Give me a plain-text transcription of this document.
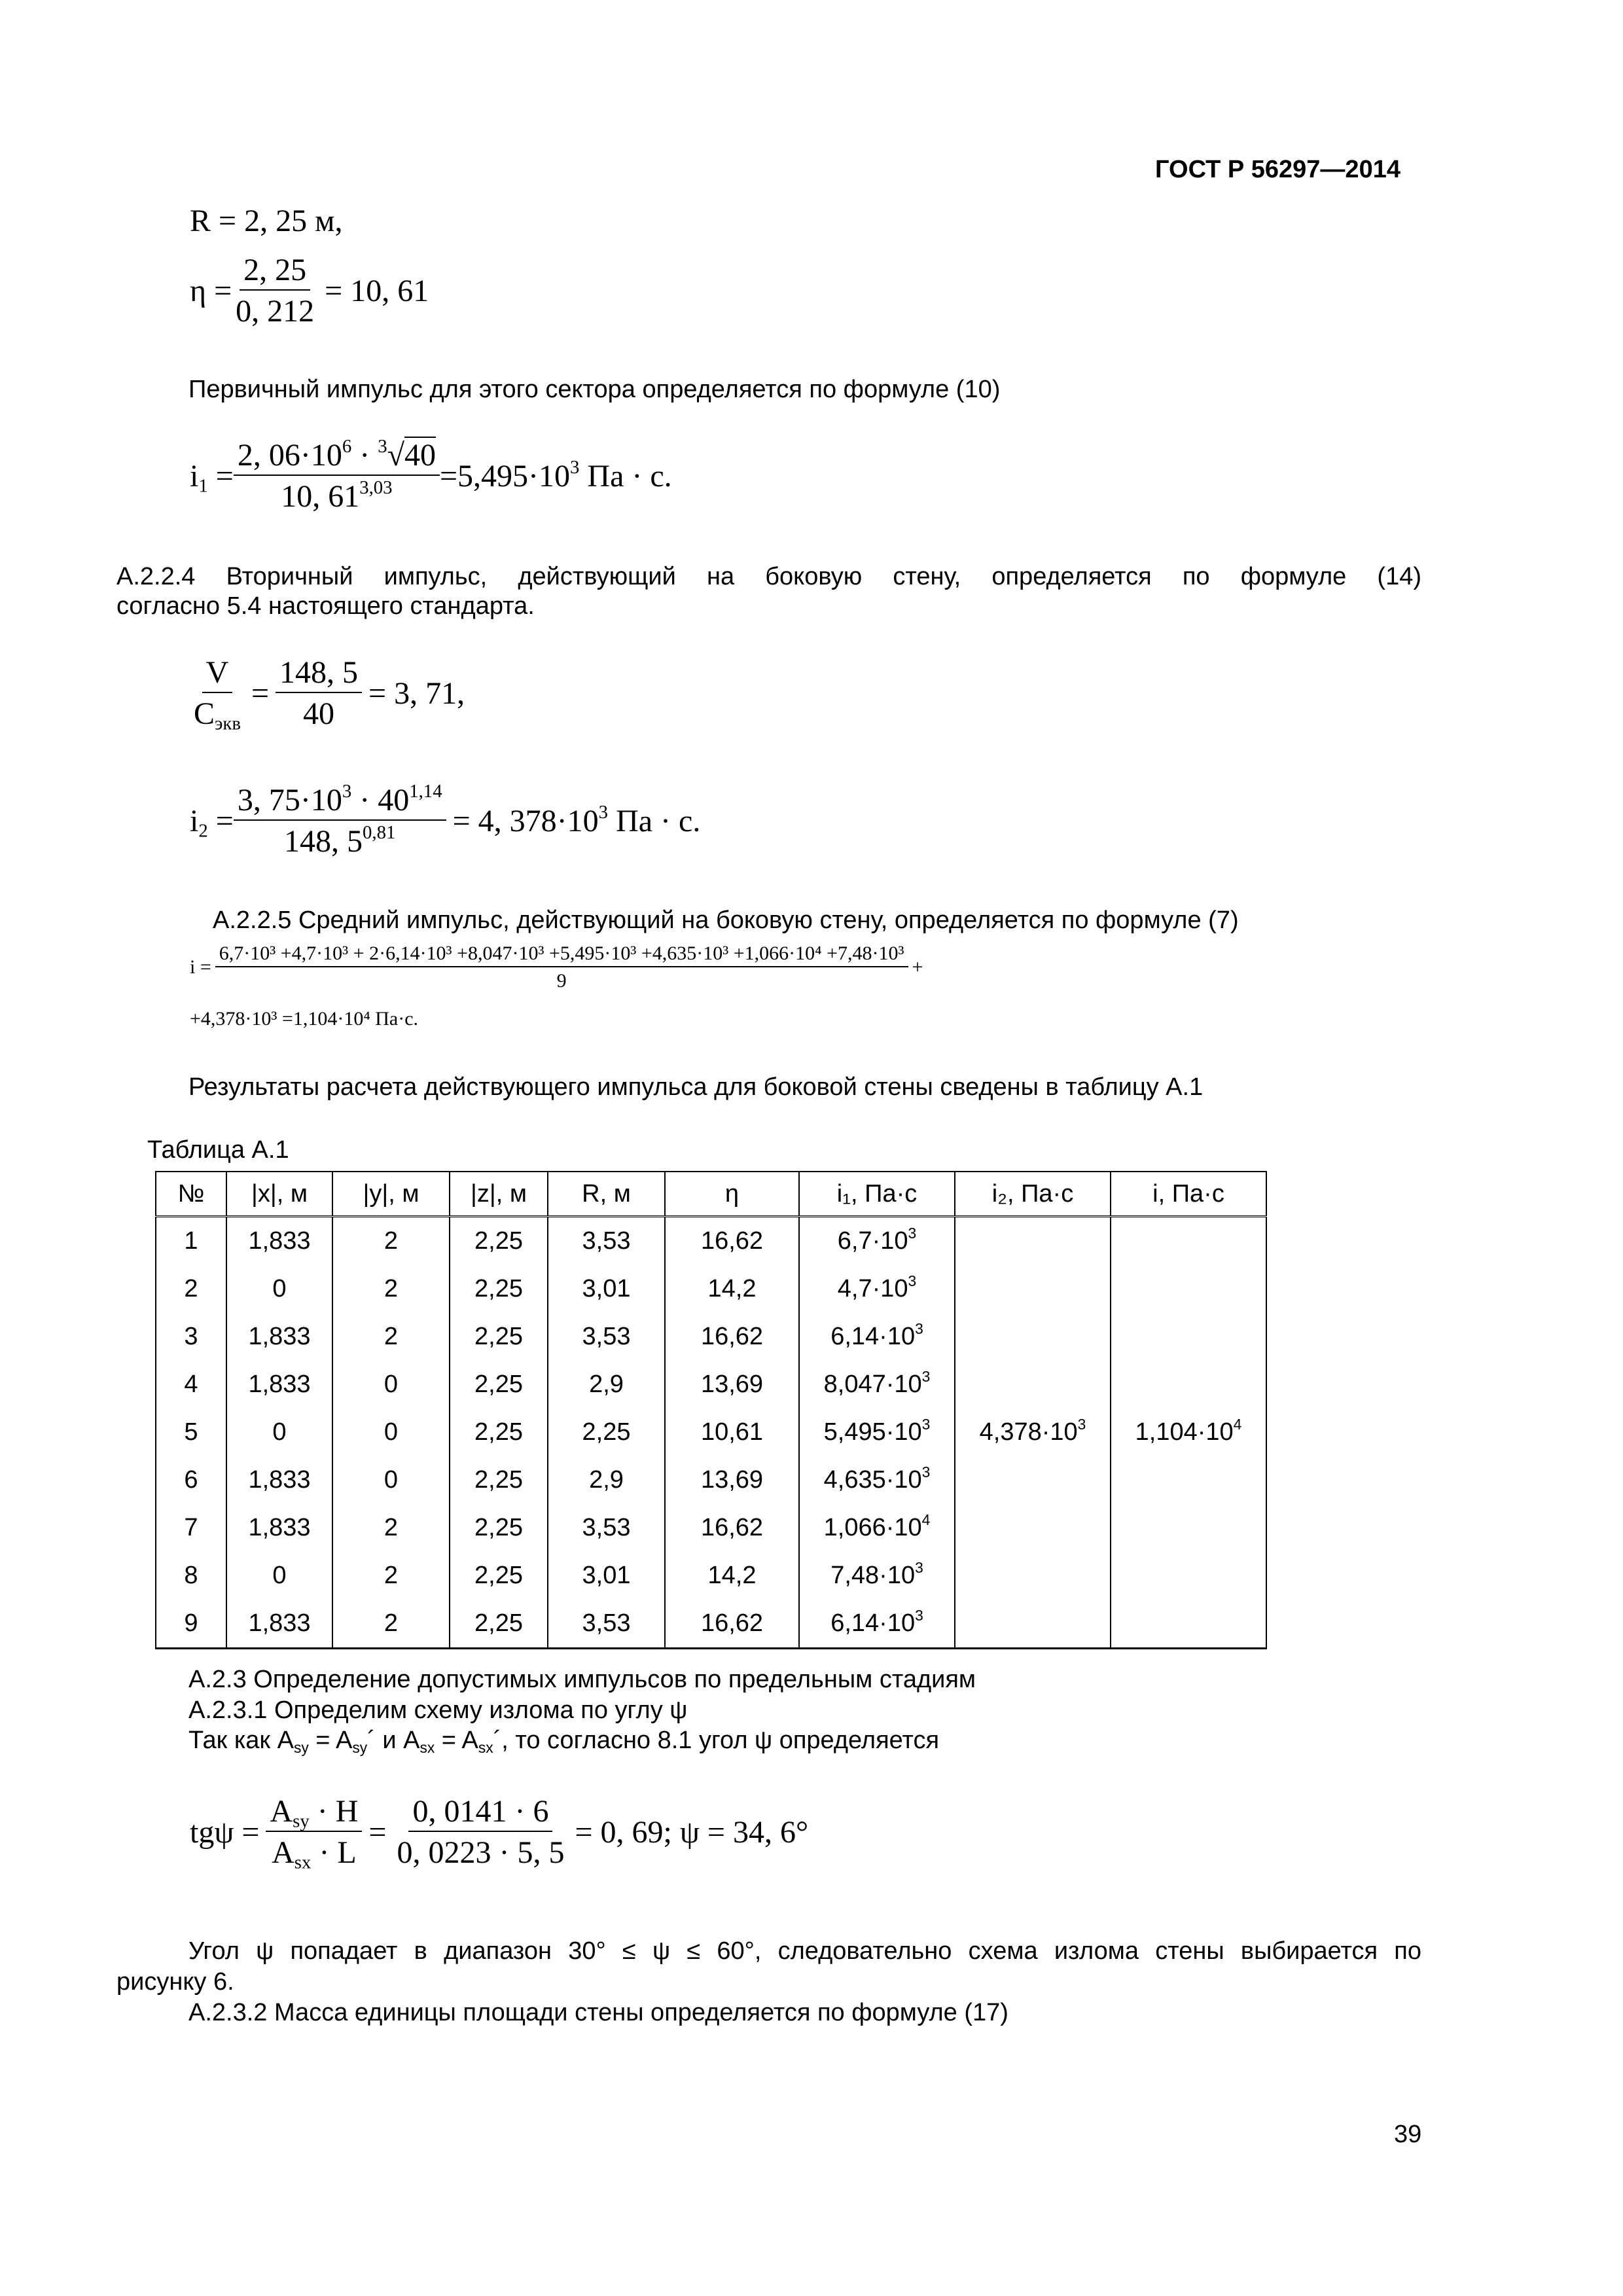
ГОСТ Р 56297—2014
R = 2, 25 м,
$\eta = \frac{2, 25}{0, 212} = 10$, 61
Первичный импульс для этого сектора определяется по формуле (10)
$i_1 = \frac{2, 06\cdot 10^6 \cdot ^3√40}{10, 61^{3,03}} =5,495\cdot 10^3$ Па · с.
А.2.2.4 Вторичный импульс, действующий на боковую стену, определяется по формуле (14)
согласно 5.4 настоящего стандарта.
$\frac{V}{C_{экв}} = \frac{148, 5}{40} = 3$, 71,
$i_2 = \frac{3, 75\cdot 10^3 \cdot 40^{1,14}}{148, 5^{0,81}} = 4$, $378\cdot 10^3$ Па · с.
А.2.2.5 Средний импульс, действующий на боковую стену, определяется по формуле (7)
i =
6,7·10³ +4,7·10³ + 2·6,14·10³ +8,047·10³ +5,495·10³ +4,635·10³ +1,066·10⁴ +7,48·10³
9
+
+4,378·10³ =1,104·10⁴ Па·с.
Результаты расчета действующего импульса для боковой стены сведены в таблицу А.1
Таблица А.1
№	|x|, м	|y|, м	|z|, м	R, м	η	i₁, Па·с	i₂, Па·с	i, Па·с
1	1,833	2	2,25	3,53	16,62	$6,7\cdot 10^3$	$4,378\cdot 10^3$	$1,104\cdot 10^4$
2	0	2	2,25	3,01	14,2	$4,7\cdot 10^3$
3	1,833	2	2,25	3,53	16,62	$6,14\cdot 10^3$
4	1,833	0	2,25	2,9	13,69	$8,047\cdot 10^3$
5	0	0	2,25	2,25	10,61	$5,495\cdot 10^3$
6	1,833	0	2,25	2,9	13,69	$4,635\cdot 10^3$
7	1,833	2	2,25	3,53	16,62	$1,066\cdot 10^4$
8	0	2	2,25	3,01	14,2	$7,48\cdot 10^3$
9	1,833	2	2,25	3,53	16,62	$6,14\cdot 10^3$
А.2.3 Определение допустимых импульсов по предельным стадиям
А.2.3.1 Определим схему излома по углу ψ
Так как $A_{sy}$ = $A_{sy}´$ и $A_{sx}$ = $A_{sx}´$, то согласно 8.1 угол ψ определяется
$tg\psi = \frac{A_{sy} \cdot H}{A_{sx} \cdot L} = \frac{0, 0141 \cdot 6}{0, 0223 \cdot 5, 5} = 0$, 69; ψ = 34, 6°
Угол ψ попадает в диапазон 30° ≤ ψ ≤ 60°, следовательно схема излома стены выбирается по
рисунку 6.
А.2.3.2 Масса единицы площади стены определяется по формуле (17)
39
